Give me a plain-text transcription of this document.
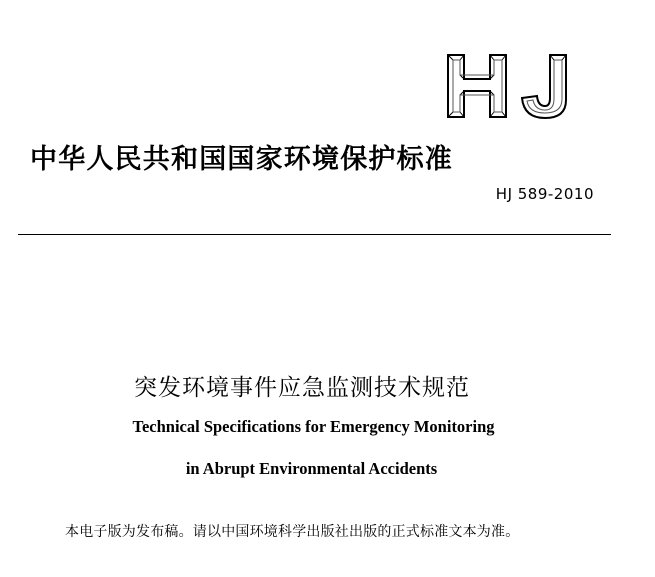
中华人民共和国国家环境保护标准
HJ 589-2010
突发环境事件应急监测技术规范
Technical Specifications for Emergency Monitoring
in Abrupt Environmental Accidents
本电子版为发布稿。请以中国环境科学出版社出版的正式标准文本为准。
